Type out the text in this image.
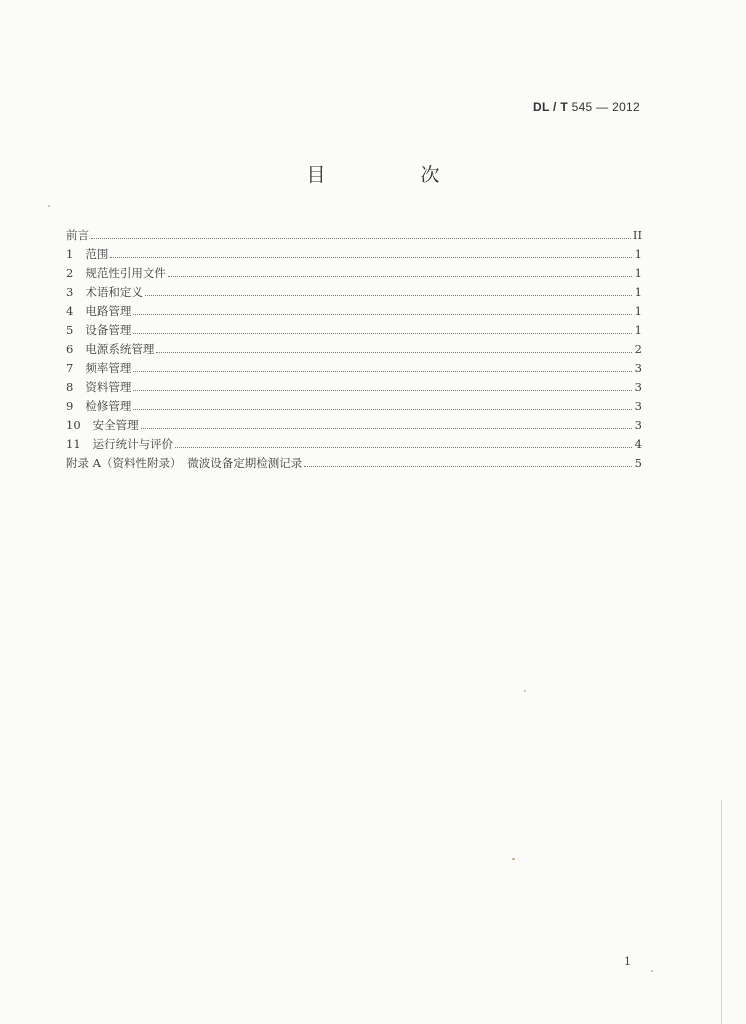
DL / T 545 — 2012
目　次
前言	II
1	范围	1
2	规范性引用文件	1
3	术语和定义	1
4	电路管理	1
5	设备管理	1
6	电源系统管理	2
7	频率管理	3
8	资料管理	3
9	检修管理	3
10	安全管理	3
11	运行统计与评价	4
附录 A（资料性附录）　微波设备定期检测记录	5
1
